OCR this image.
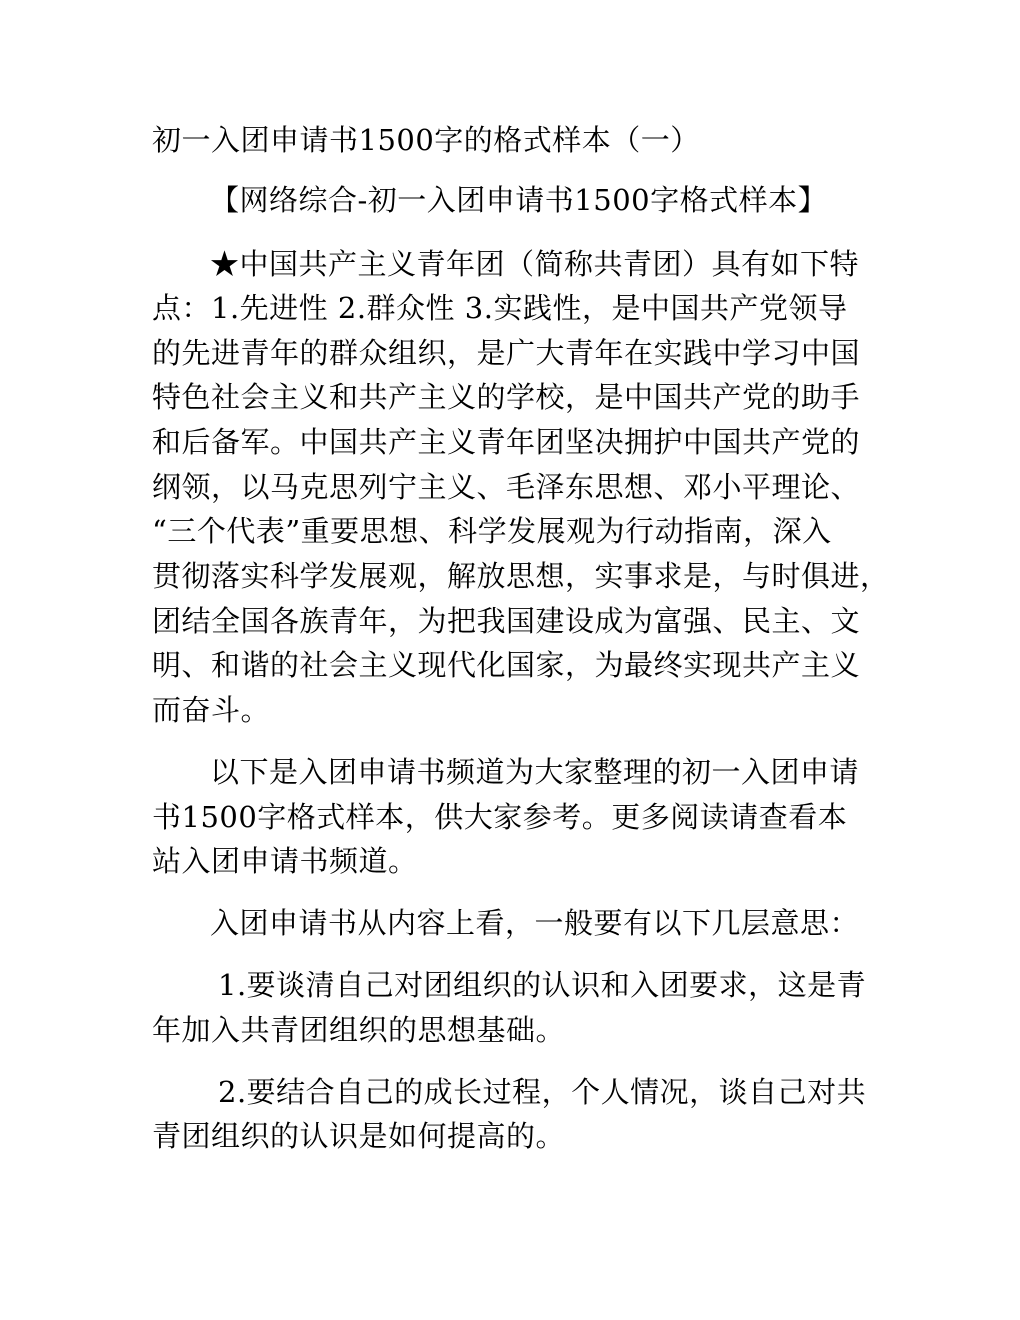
初一入团申请书1500字的格式样本（一）
【网络综合-初一入团申请书1500字格式样本】
★中国共产主义青年团（简称共青团）具有如下特
点：1.先进性 2.群众性 3.实践性，是中国共产党领导
的先进青年的群众组织，是广大青年在实践中学习中国
特色社会主义和共产主义的学校，是中国共产党的助手
和后备军。中国共产主义青年团坚决拥护中国共产党的
纲领，以马克思列宁主义、毛泽东思想、邓小平理论、
“三个代表”重要思想、科学发展观为行动指南，深入
贯彻落实科学发展观，解放思想，实事求是，与时俱进，
团结全国各族青年，为把我国建设成为富强、民主、文
明、和谐的社会主义现代化国家，为最终实现共产主义
而奋斗。
以下是入团申请书频道为大家整理的初一入团申请
书1500字格式样本，供大家参考。更多阅读请查看本
站入团申请书频道。
入团申请书从内容上看，一般要有以下几层意思：
1.要谈清自己对团组织的认识和入团要求，这是青
年加入共青团组织的思想基础。
2.要结合自己的成长过程，个人情况，谈自己对共
青团组织的认识是如何提高的。
